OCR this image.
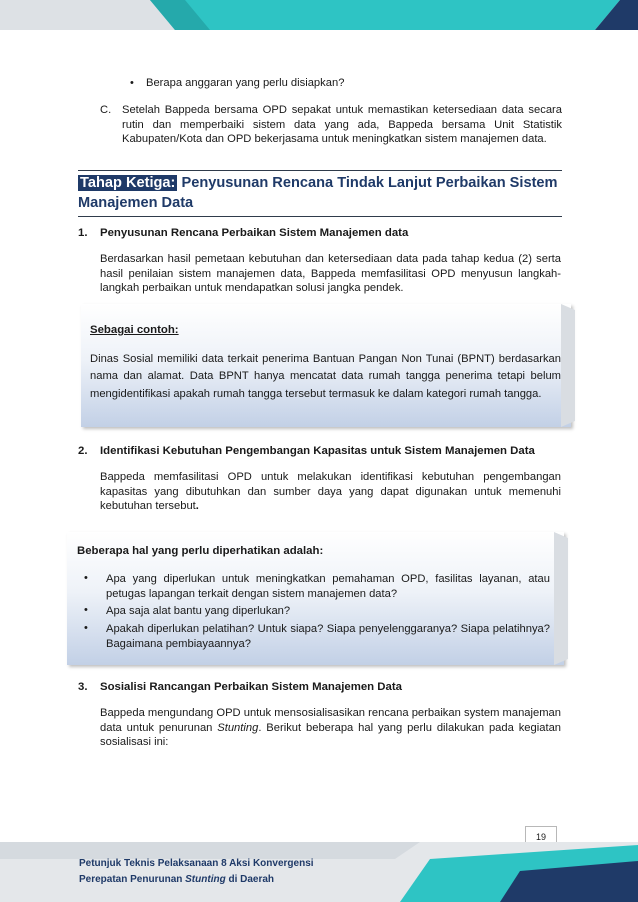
• Berapa anggaran yang perlu disiapkan?
C. Setelah Bappeda bersama OPD sepakat untuk memastikan ketersediaan data secara rutin dan memperbaiki sistem data yang ada, Bappeda bersama Unit Statistik Kabupaten/Kota dan OPD bekerjasama untuk meningkatkan sistem manajemen data.
Tahap Ketiga: Penyusunan Rencana Tindak Lanjut Perbaikan Sistem
Manajemen Data
1. Penyusunan Rencana Perbaikan Sistem Manajemen data
Berdasarkan hasil pemetaan kebutuhan dan ketersediaan data pada tahap kedua (2) serta hasil penilaian sistem manajemen data, Bappeda memfasilitasi OPD menyusun langkah-langkah perbaikan untuk mendapatkan solusi jangka pendek.
Sebagai contoh:
Dinas Sosial memiliki data terkait penerima Bantuan Pangan Non Tunai (BPNT) berdasarkan nama dan alamat. Data BPNT hanya mencatat data rumah tangga penerima tetapi belum mengidentifikasi apakah rumah tangga tersebut termasuk ke dalam kategori rumah tangga.
2. Identifikasi Kebutuhan Pengembangan Kapasitas untuk Sistem Manajemen Data
Bappeda memfasilitasi OPD untuk melakukan identifikasi kebutuhan pengembangan kapasitas yang dibutuhkan dan sumber daya yang dapat digunakan untuk memenuhi kebutuhan tersebut.
Beberapa hal yang perlu diperhatikan adalah:
• Apa yang diperlukan untuk meningkatkan pemahaman OPD, fasilitas layanan, atau petugas lapangan terkait dengan sistem manajemen data?
• Apa saja alat bantu yang diperlukan?
• Apakah diperlukan pelatihan? Untuk siapa? Siapa penyelenggaranya? Siapa pelatihnya? Bagaimana pembiayaannya?
3. Sosialisi Rancangan Perbaikan Sistem Manajemen Data
Bappeda mengundang OPD untuk mensosialisasikan rencana perbaikan system manajeman data untuk penurunan Stunting. Berikut beberapa hal yang perlu dilakukan pada kegiatan sosialisasi ini:
19
Petunjuk Teknis Pelaksanaan 8 Aksi Konvergensi
Perepatan Penurunan Stunting di Daerah
